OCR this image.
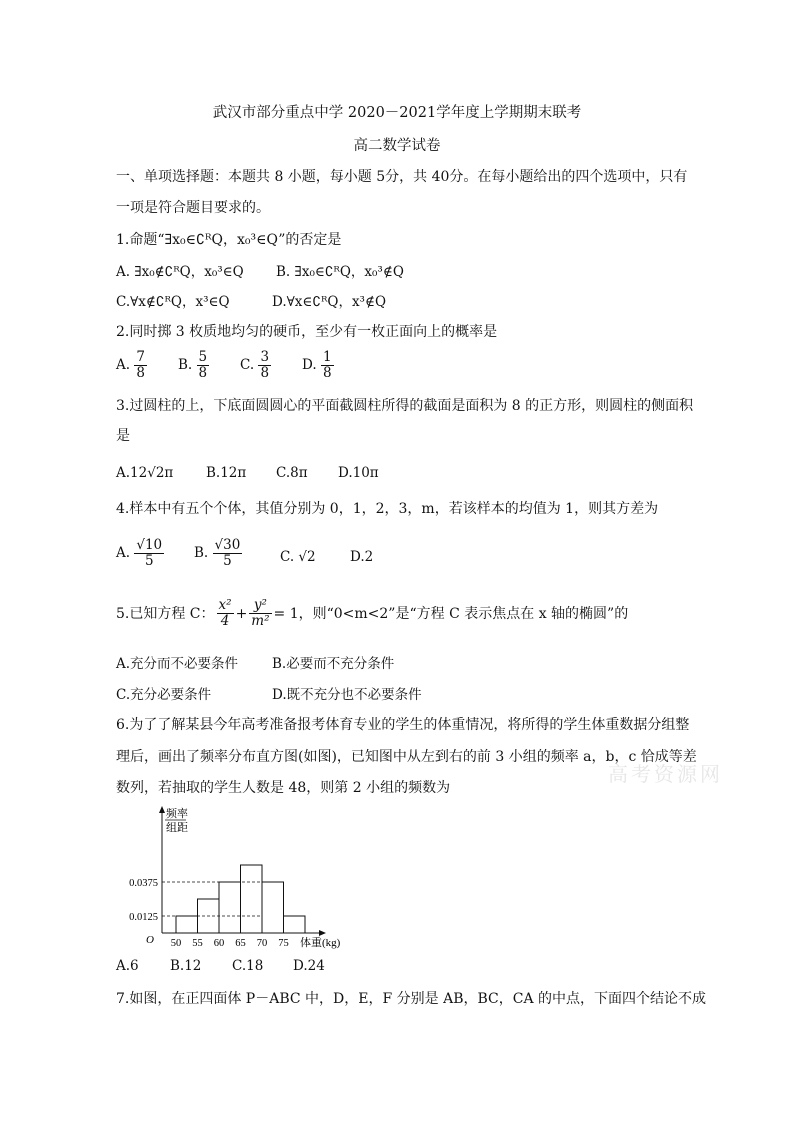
武汉市部分重点中学 2020－2021学年度上学期期末联考
高二数学试卷
一、单项选择题：本题共 8 小题，每小题 5分，共 40分。在每小题给出的四个选项中，只有
一项是符合题目要求的。
1.命题“∃x₀∈∁ᴿQ，x₀³∈Q”的否定是
A. ∃x₀∉∁ᴿQ，x₀³∈Q B. ∃x₀∈∁ᴿQ，x₀³∉Q
C.∀x∉∁ᴿQ，x³∈Q	D.∀x∈∁ᴿQ，x³∉Q
2.同时掷 3 枚质地均匀的硬币，至少有一枚正面向上的概率是
A. $\frac{7}{8} B$. $\frac{5}{8} C$. $\frac{3}{8} D$. $\frac{1}{8}$
3.过圆柱的上，下底面圆圆心的平面截圆柱所得的截面是面积为 8 的正方形，则圆柱的侧面积
是
A.12√2π B.12π C.8π D.10π
4.样本中有五个个体，其值分别为 0，1，2，3，m，若该样本的均值为 1，则其方差为
A. $\frac{√10}{5} B$. $\frac{√30}{5}$	C. √2	D.2
5.已知方程 C： $\frac{\text{x²}}{4} + \frac{\text{y²}}{\text{m²}} = 1$，则“0<m<2”是“方程 C 表示焦点在 x 轴的椭圆”的
A.充分而不必要条件	B.必要而不充分条件
C.充分必要条件	D.既不充分也不必要条件
6.为了了解某县今年高考准备报考体育专业的学生的体重情况，将所得的学生体重数据分组整
理后，画出了频率分布直方图(如图)，已知图中从左到右的前 3 小组的频率 a，b，c 恰成等差
数列，若抽取的学生人数是 48，则第 2 小组的频数为
高考资源网
频率
组距
体重(kg)
O
0.0375
0.0125
50 55 60 65 70 75
A.6 B.12 C.18 D.24
7.如图，在正四面体 P－ABC 中，D，E，F 分别是 AB，BC，CA 的中点，下面四个结论不成
